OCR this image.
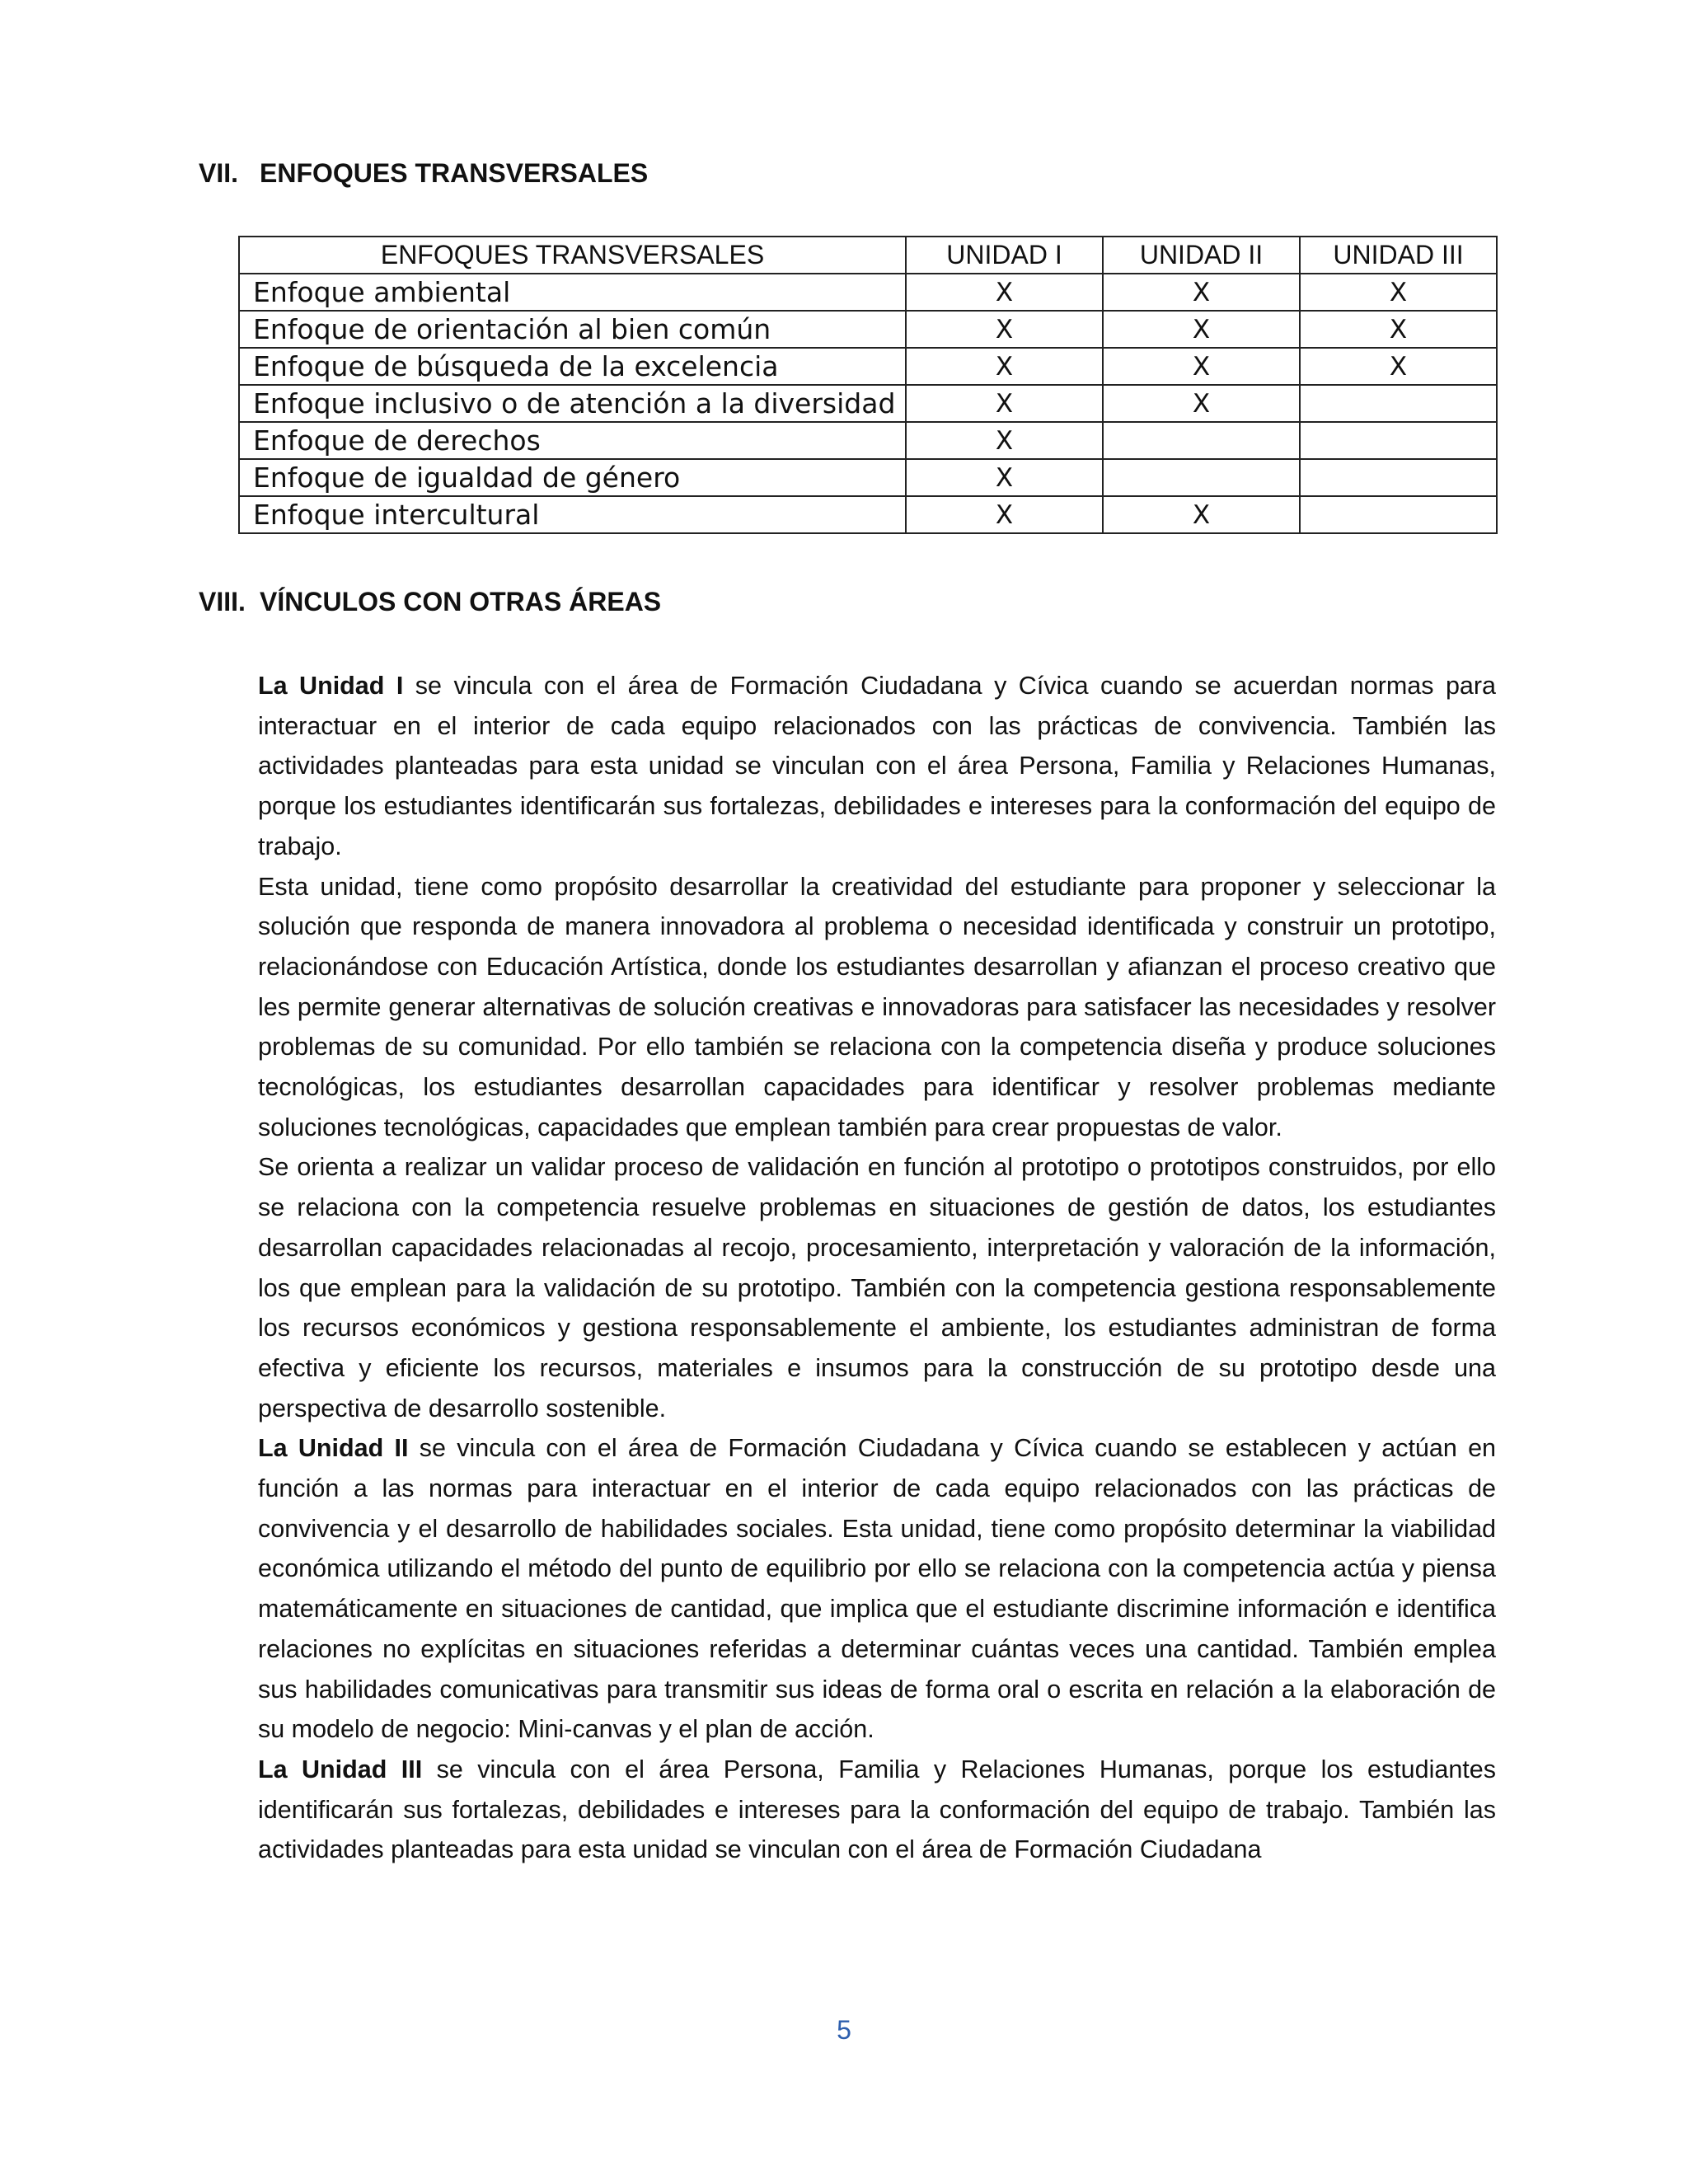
VII. ENFOQUES TRANSVERSALES
ENFOQUES TRANSVERSALES	UNIDAD I	UNIDAD II	UNIDAD III
Enfoque ambiental	X	X	X
Enfoque de orientación al bien común	X	X	X
Enfoque de búsqueda de la excelencia	X	X	X
Enfoque inclusivo o de atención a la diversidad	X	X	
Enfoque de derechos	X		
Enfoque de igualdad de género	X		
Enfoque intercultural	X	X	
VIII. VÍNCULOS CON OTRAS ÁREAS

La Unidad I se vincula con el área de Formación Ciudadana y Cívica cuando se acuerdan normas para interactuar en el interior de cada equipo relacionados con las prácticas de convivencia. También las actividades planteadas para esta unidad se vinculan con el área Persona, Familia y Relaciones Humanas, porque los estudiantes identificarán sus fortalezas, debilidades e intereses para la conformación del equipo de trabajo.

Esta unidad, tiene como propósito desarrollar la creatividad del estudiante para proponer y seleccionar la solución que responda de manera innovadora al problema o necesidad identificada y construir un prototipo, relacionándose con Educación Artística, donde los estudiantes desarrollan y afianzan el proceso creativo que les permite generar alternativas de solución creativas e innovadoras para satisfacer las necesidades y resolver problemas de su comunidad. Por ello también se relaciona con la competencia diseña y produce soluciones tecnológicas, los estudiantes desarrollan capacidades para identificar y resolver problemas mediante soluciones tecnológicas, capacidades que emplean también para crear propuestas de valor.

Se orienta a realizar un validar proceso de validación en función al prototipo o prototipos construidos, por ello se relaciona con la competencia resuelve problemas en situaciones de gestión de datos, los estudiantes desarrollan capacidades relacionadas al recojo, procesamiento, interpretación y valoración de la información, los que emplean para la validación de su prototipo. También con la competencia gestiona responsablemente los recursos económicos y gestiona responsablemente el ambiente, los estudiantes administran de forma efectiva y eficiente los recursos, materiales e insumos para la construcción de su prototipo desde una perspectiva de desarrollo sostenible.

La Unidad II se vincula con el área de Formación Ciudadana y Cívica cuando se establecen y actúan en función a las normas para interactuar en el interior de cada equipo relacionados con las prácticas de convivencia y el desarrollo de habilidades sociales. Esta unidad, tiene como propósito determinar la viabilidad económica utilizando el método del punto de equilibrio por ello se relaciona con la competencia actúa y piensa matemáticamente en situaciones de cantidad, que implica que el estudiante discrimine información e identifica relaciones no explícitas en situaciones referidas a determinar cuántas veces una cantidad. También emplea sus habilidades comunicativas para transmitir sus ideas de forma oral o escrita en relación a la elaboración de su modelo de negocio: Mini-canvas y el plan de acción.

La Unidad III se vincula con el área Persona, Familia y Relaciones Humanas, porque los estudiantes identificarán sus fortalezas, debilidades e intereses para la conformación del equipo de trabajo. También las actividades planteadas para esta unidad se vinculan con el área de Formación Ciudadana

5
